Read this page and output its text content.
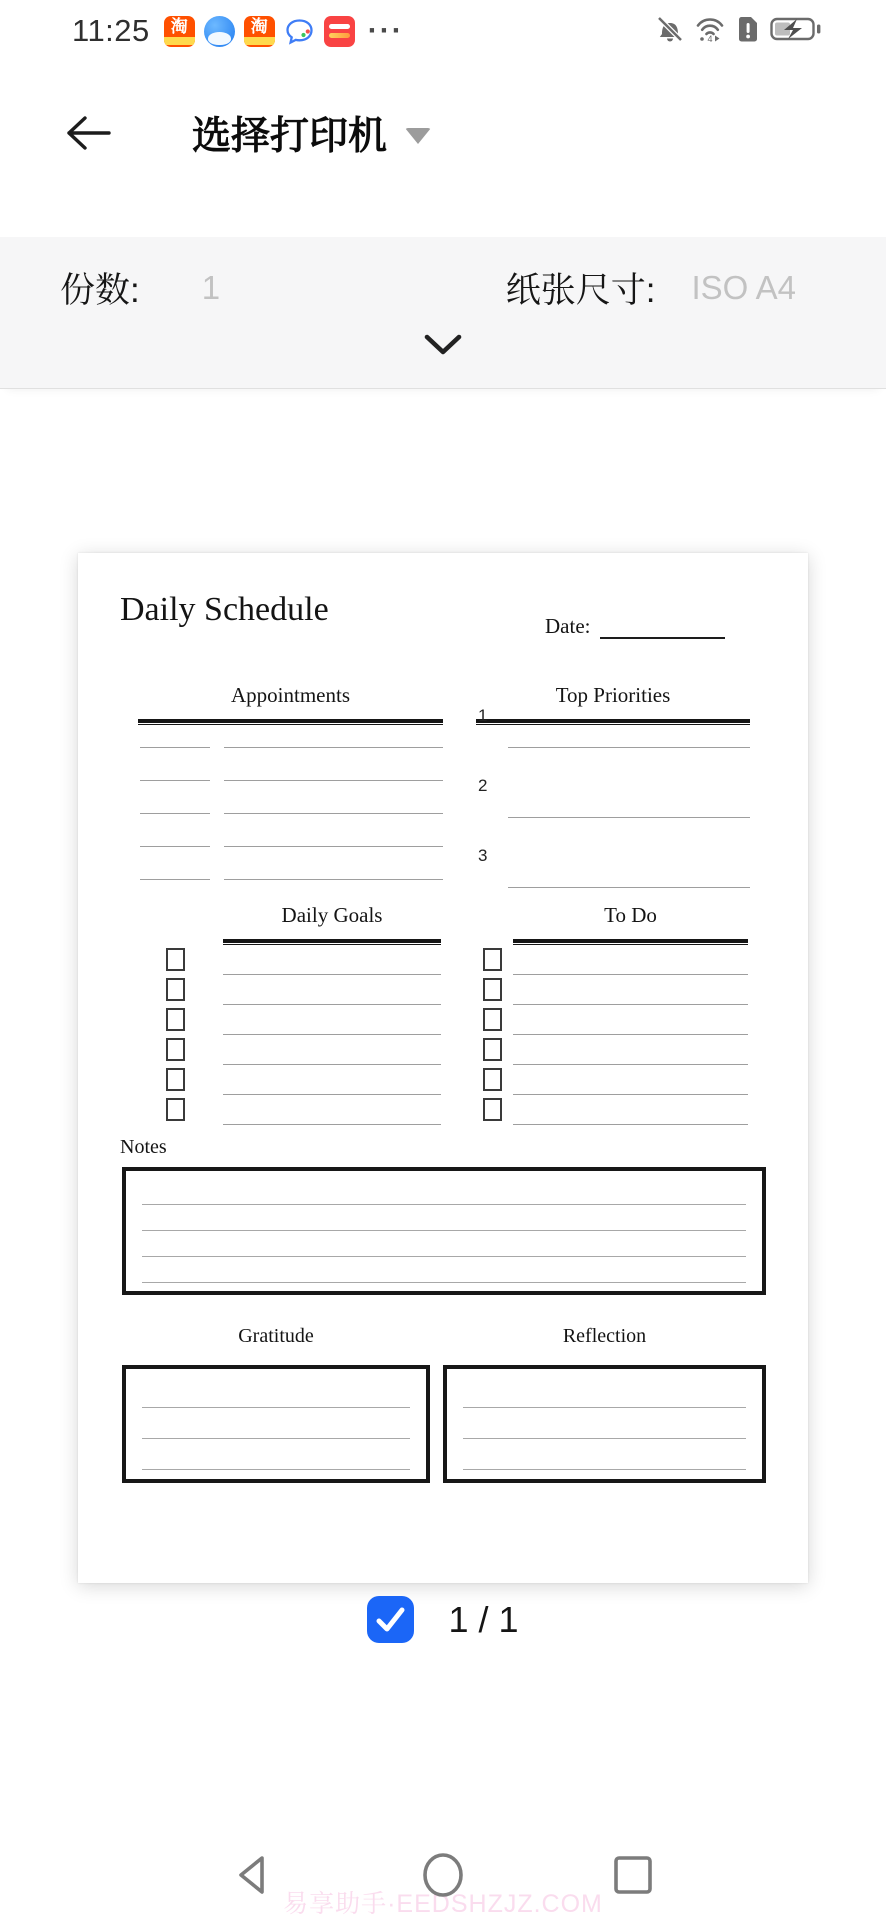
11:25 淘	淘	···	4
选择打印机
份数: 1	纸张尺寸: ISO A4
Daily Schedule	Date:
Appointments	Top Priorities
1
2
3
Daily Goals	To Do
Notes
Gratitude	Reflection
1 / 1
易享助手·EEDSHZJZ.COM
